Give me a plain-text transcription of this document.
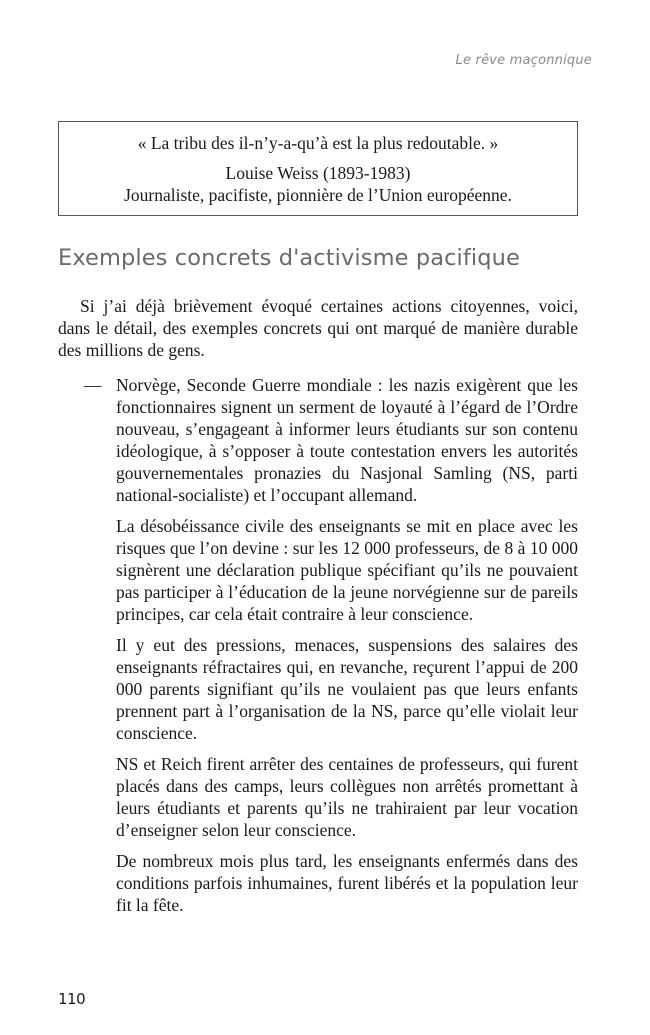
Le rêve maçonnique

« La tribu des il-n’y-a-qu’à est la plus redoutable. »

Louise Weiss (1893-1983)

Journaliste, pacifiste, pionnière de l’Union européenne.

Exemples concrets d'activisme pacifique

Si j’ai déjà brièvement évoqué certaines actions citoyennes, voici, dans le détail, des exemples concrets qui ont marqué de manière durable des millions de gens.

— Norvège, Seconde Guerre mondiale : les nazis exigèrent que les fonctionnaires signent un serment de loyauté à l’égard de l’Ordre nouveau, s’engageant à informer leurs étudiants sur son contenu idéologique, à s’opposer à toute contestation envers les autorités gouvernementales pronazies du Nasjonal Samling (NS, parti national-socialiste) et l’occupant allemand.

La désobéissance civile des enseignants se mit en place avec les risques que l’on devine : sur les 12 000 professeurs, de 8 à 10 000 signèrent une déclaration publique spécifiant qu’ils ne pouvaient pas participer à l’éducation de la jeune norvégienne sur de pareils principes, car cela était contraire à leur conscience.

Il y eut des pressions, menaces, suspensions des salaires des enseignants réfractaires qui, en revanche, reçurent l’appui de 200 000 parents signifiant qu’ils ne voulaient pas que leurs enfants prennent part à l’organisation de la NS, parce qu’elle violait leur conscience.

NS et Reich firent arrêter des centaines de professeurs, qui furent placés dans des camps, leurs collègues non arrêtés promettant à leurs étudiants et parents qu’ils ne trahiraient par leur vocation d’enseigner selon leur conscience.

De nombreux mois plus tard, les enseignants enfermés dans des conditions parfois inhumaines, furent libérés et la population leur fit la fête.

110
